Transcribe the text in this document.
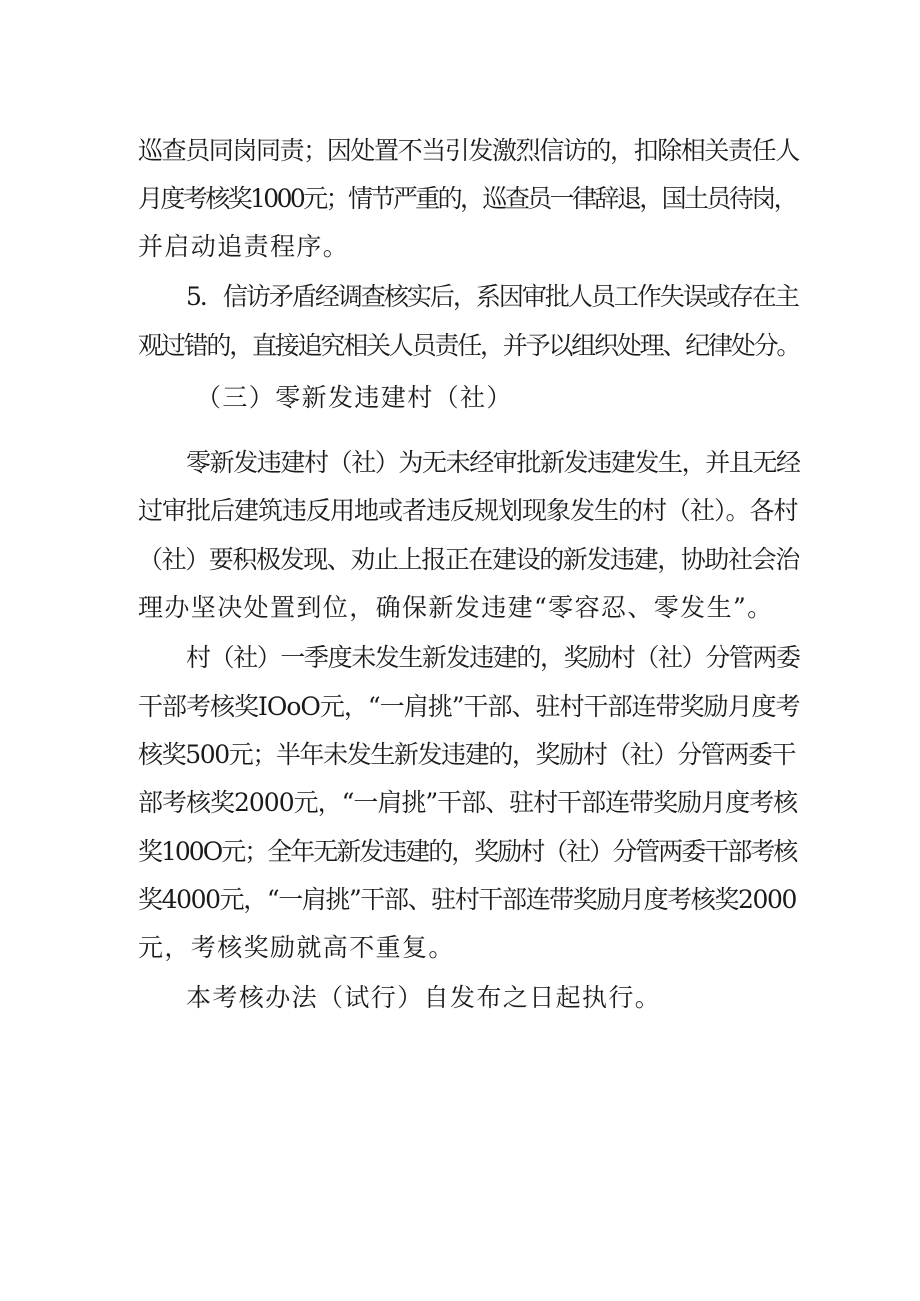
巡查员同岗同责；因处置不当引发激烈信访的，扣除相关责任人
月度考核奖1000元；情节严重的，巡查员一律辞退，国土员待岗，
并启动追责程序。
5．信访矛盾经调查核实后，系因审批人员工作失误或存在主
观过错的，直接追究相关人员责任，并予以组织处理、纪律处分。
（三）零新发违建村（社）
零新发违建村（社）为无未经审批新发违建发生，并且无经
过审批后建筑违反用地或者违反规划现象发生的村（社）。各村
（社）要积极发现、劝止上报正在建设的新发违建，协助社会治
理办坚决处置到位，确保新发违建“零容忍、零发生”。
村（社）一季度未发生新发违建的，奖励村（社）分管两委
干部考核奖IOoO元，“一肩挑”干部、驻村干部连带奖励月度考
核奖500元；半年未发生新发违建的，奖励村（社）分管两委干
部考核奖2000元，“一肩挑”干部、驻村干部连带奖励月度考核
奖100O元；全年无新发违建的，奖励村（社）分管两委干部考核
奖4000元，“一肩挑”干部、驻村干部连带奖励月度考核奖2000
元，考核奖励就高不重复。
本考核办法（试行）自发布之日起执行。
